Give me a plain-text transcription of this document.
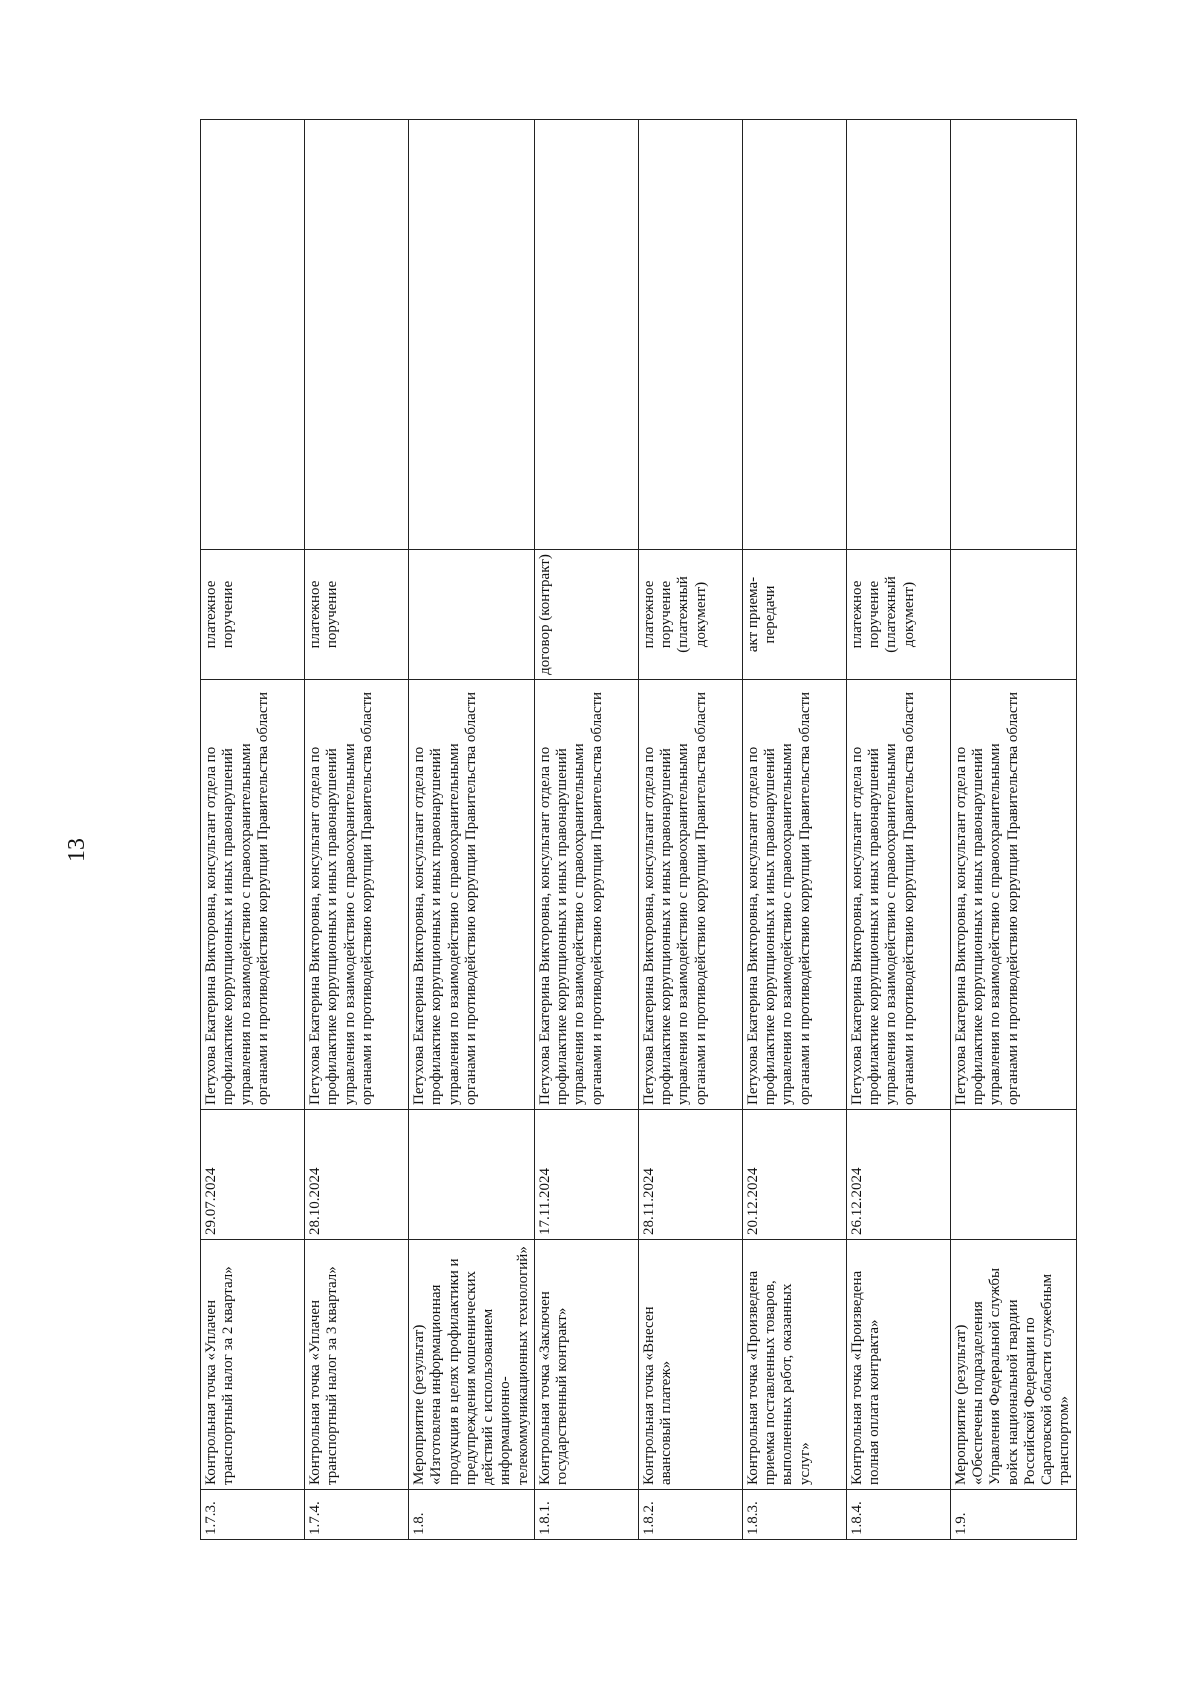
13
1.7.3.	Контрольная точка «Уплачен транспортный налог за 2 квартал»	29.07.2024	Петухова Екатерина Викторовна, консультант отдела по профилактике коррупционных и иных правонарушений управления по взаимодействию с правоохранительными органами и противодействию коррупции Правительства области	платежное поручение	
1.7.4.	Контрольная точка «Уплачен транспортный налог за 3 квартал»	28.10.2024	Петухова Екатерина Викторовна, консультант отдела по профилактике коррупционных и иных правонарушений управления по взаимодействию с правоохранительными органами и противодействию коррупции Правительства области	платежное поручение	
1.8.	Мероприятие (результат) «Изготовлена информационная продукция в целях профилактики и предупреждения мошеннических действий с использованием информационно-телекоммуникационных технологий»		Петухова Екатерина Викторовна, консультант отдела по профилактике коррупционных и иных правонарушений управления по взаимодействию с правоохранительными органами и противодействию коррупции Правительства области		
1.8.1.	Контрольная точка «Заключен государственный контракт»	17.11.2024	Петухова Екатерина Викторовна, консультант отдела по профилактике коррупционных и иных правонарушений управления по взаимодействию с правоохранительными органами и противодействию коррупции Правительства области	договор (контракт)	
1.8.2.	Контрольная точка «Внесен авансовый платеж»	28.11.2024	Петухова Екатерина Викторовна, консультант отдела по профилактике коррупционных и иных правонарушений управления по взаимодействию с правоохранительными органами и противодействию коррупции Правительства области	платежное поручение (платежный документ)	
1.8.3.	Контрольная точка «Произведена приемка поставленных товаров, выполненных работ, оказанных услуг»	20.12.2024	Петухова Екатерина Викторовна, консультант отдела по профилактике коррупционных и иных правонарушений управления по взаимодействию с правоохранительными органами и противодействию коррупции Правительства области	акт приема-передачи	
1.8.4.	Контрольная точка «Произведена полная оплата контракта»	26.12.2024	Петухова Екатерина Викторовна, консультант отдела по профилактике коррупционных и иных правонарушений управления по взаимодействию с правоохранительными органами и противодействию коррупции Правительства области	платежное поручение (платежный документ)	
1.9.	Мероприятие (результат) «Обеспечены подразделения Управления Федеральной службы войск национальной гвардии Российской Федерации по Саратовской области служебным транспортом»		Петухова Екатерина Викторовна, консультант отдела по профилактике коррупционных и иных правонарушений управления по взаимодействию с правоохранительными органами и противодействию коррупции Правительства области		
